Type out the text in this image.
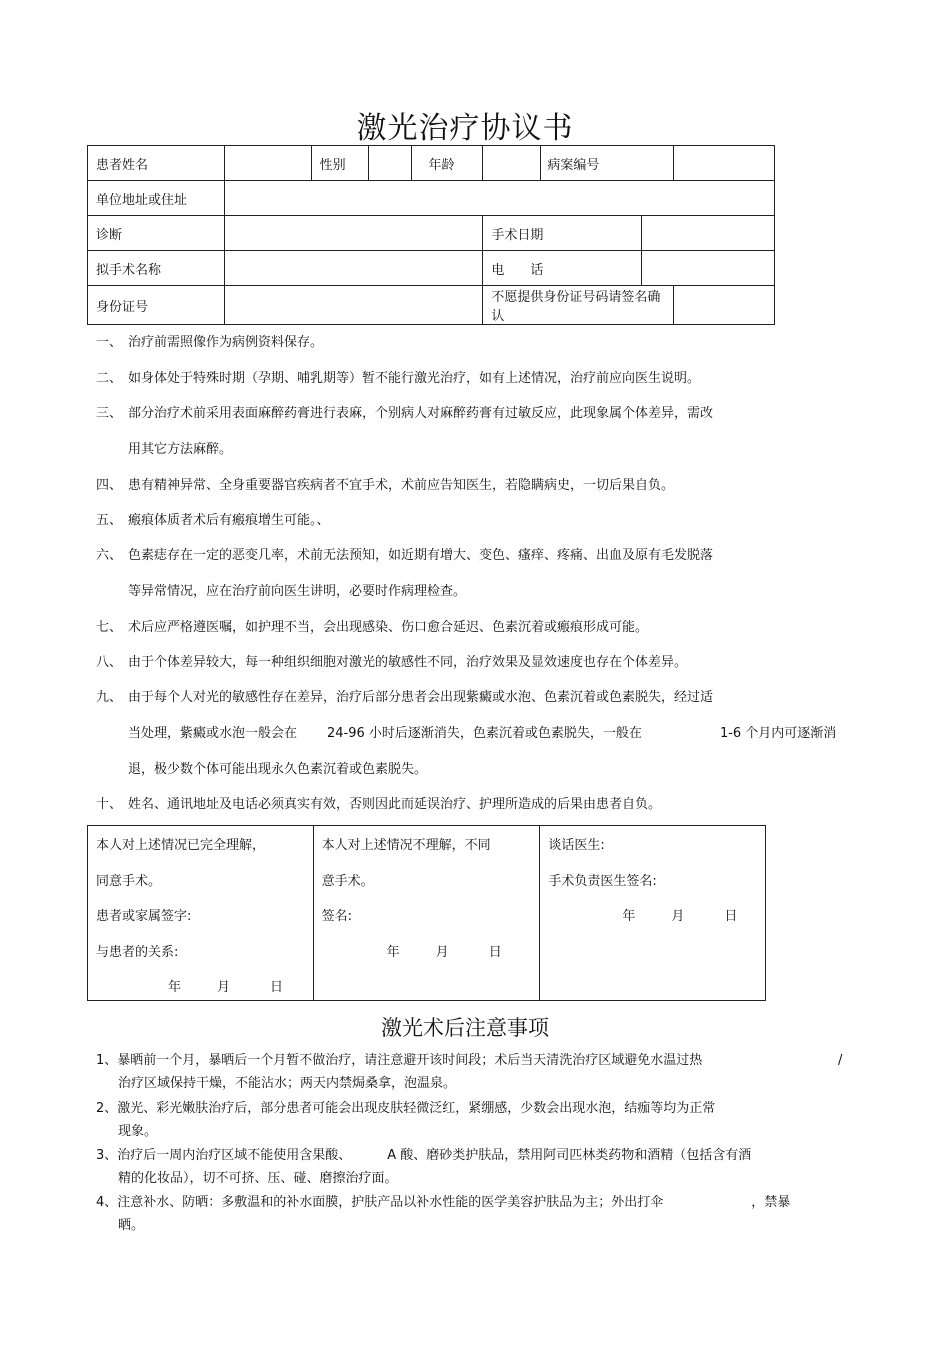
激光治疗协议书
患者姓名		性别		年龄		病案编号		
单位地址或住址								
诊断					手术日期			
拟手术名称					电　　话			
身份证号					不愿提供身份证号码请签名确认			
一、 治疗前需照像作为病例资料保存。
二、 如身体处于特殊时期（孕期、哺乳期等）暂不能行激光治疗，如有上述情况，治疗前应向医生说明。
三、 部分治疗术前采用表面麻醉药膏进行表麻，个别病人对麻醉药膏有过敏反应，此现象属个体差异，需改
用其它方法麻醉。
四、 患有精神异常、全身重要器官疾病者不宜手术，术前应告知医生，若隐瞒病史，一切后果自负。
五、 瘢痕体质者术后有瘢痕增生可能。、
六、 色素痣存在一定的恶变几率，术前无法预知，如近期有增大、变色、瘙痒、疼痛、出血及原有毛发脱落
等异常情况，应在治疗前向医生讲明，必要时作病理检查。
七、 术后应严格遵医嘱，如护理不当，会出现感染、伤口愈合延迟、色素沉着或瘢痕形成可能。
八、 由于个体差异较大，每一种组织细胞对激光的敏感性不同，治疗效果及显效速度也存在个体差异。
九、 由于每个人对光的敏感性存在差异，治疗后部分患者会出现紫癜或水泡、色素沉着或色素脱失，经过适
当处理，紫癜或水泡一般会在 24-96 小时后逐渐消失，色素沉着或色素脱失，一般在	1-6 个月内可逐渐消
退，极少数个体可能出现永久色素沉着或色素脱失。
十、 姓名、通讯地址及电话必须真实有效，否则因此而延误治疗、护理所造成的后果由患者自负。
本人对上述情况已完全理解，
同意手术。
患者或家属签字:
与患者的关系:
年	月	日

本人对上述情况不理解，不同
意手术。
签名:
年	月	日

谈话医生:
手术负责医生签名:
年	月	日
激光术后注意事项
1、暴晒前一个月，暴晒后一个月暂不做治疗，请注意避开该时间段；术后当天清洗治疗区域避免水温过热	/
治疗区域保持干燥，不能沾水；两天内禁焗桑拿，泡温泉。
2、激光、彩光嫩肤治疗后，部分患者可能会出现皮肤轻微泛红，紧绷感，少数会出现水泡，结痂等均为正常
现象。
3、治疗后一周内治疗区域不能使用含果酸、	A 酸、磨砂类护肤品，禁用阿司匹林类药物和酒精（包括含有酒
精的化妆品），切不可挤、压、碰、磨擦治疗面。
4、注意补水、防晒：多敷温和的补水面膜，护肤产品以补水性能的医学美容护肤品为主；外出打伞	，禁暴
晒。
